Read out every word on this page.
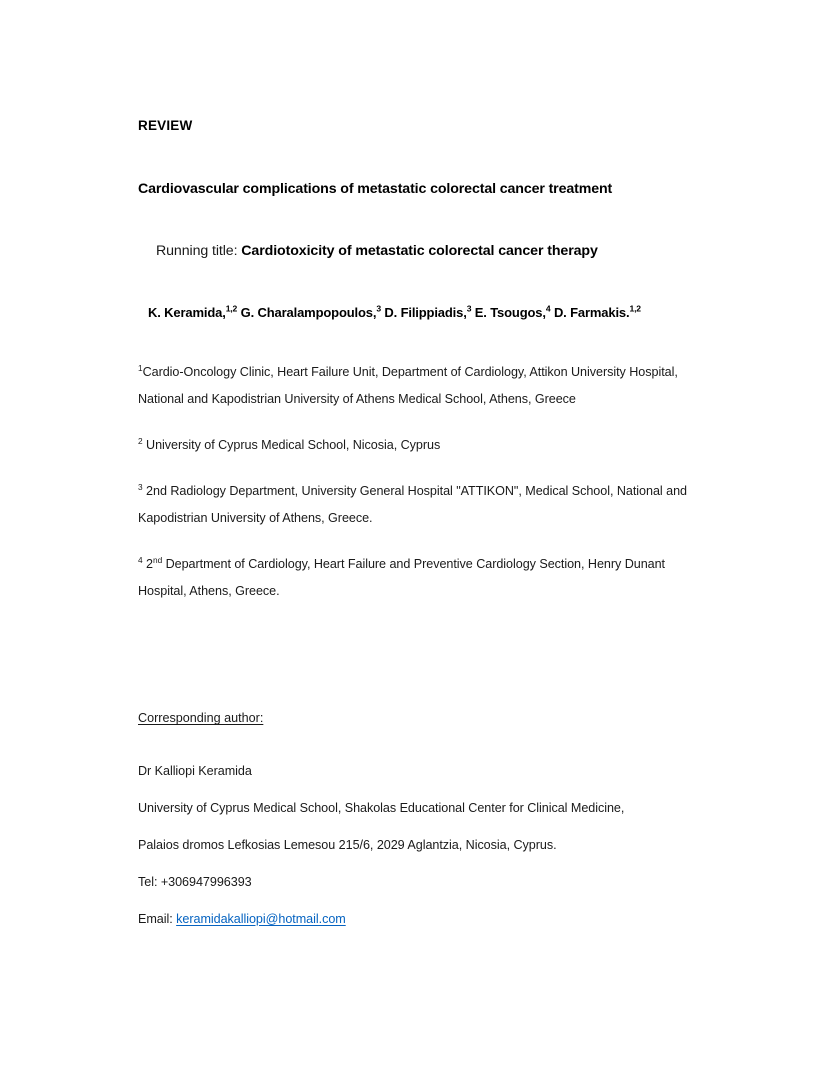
REVIEW
Cardiovascular complications of metastatic colorectal cancer treatment
Running title: Cardiotoxicity of metastatic colorectal cancer therapy
K. Keramida,$^{1,2}$ G. Charalampopoulos,$^3$ D. Filippiadis,$^3$ E. Tsougos,$^4$ D. Farmakis.$^{1,2}$
$^1$Cardio-Oncology Clinic, Heart Failure Unit, Department of Cardiology, Attikon University Hospital, National and Kapodistrian University of Athens Medical School, Athens, Greece
$^2$ University of Cyprus Medical School, Nicosia, Cyprus
$^3$ 2nd Radiology Department, University General Hospital "ATTIKON", Medical School, National and Kapodistrian University of Athens, Greece.
$^4$ 2nd Department of Cardiology, Heart Failure and Preventive Cardiology Section, Henry Dunant Hospital, Athens, Greece.
Corresponding author:
Dr Kalliopi Keramida
University of Cyprus Medical School, Shakolas Educational Center for Clinical Medicine,
Palaios dromos Lefkosias Lemesou 215/6, 2029 Aglantzia, Nicosia, Cyprus.
Tel: +306947996393
Email: keramidakalliopi@hotmail.com
